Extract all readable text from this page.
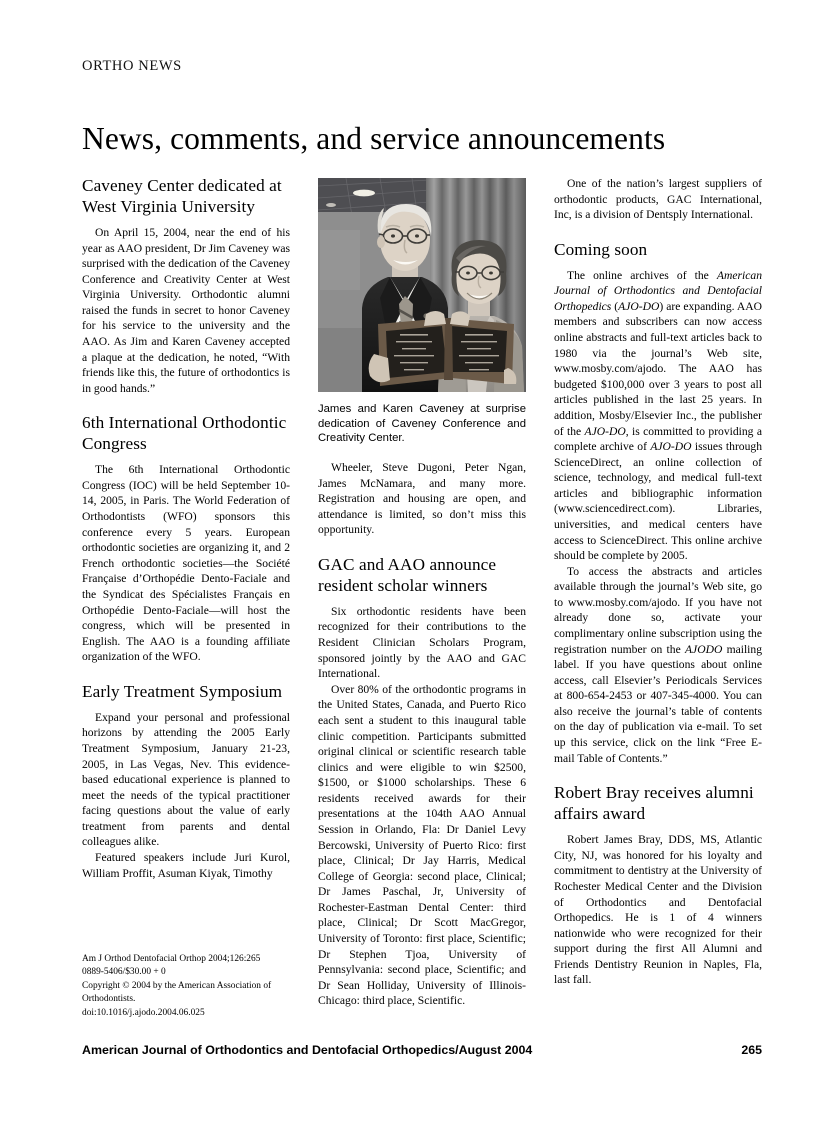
ORTHO NEWS
News, comments, and service announcements
Caveney Center dedicated at West Virginia University

On April 15, 2004, near the end of his year as AAO president, Dr Jim Caveney was surprised with the dedication of the Caveney Conference and Creativity Center at West Virginia University. Orthodontic alumni raised the funds in secret to honor Caveney for his service to the university and the AAO. As Jim and Karen Caveney accepted a plaque at the dedication, he noted, “With friends like this, the future of orthodontics is in good hands.”

6th International Orthodontic Congress

The 6th International Orthodontic Congress (IOC) will be held September 10-14, 2005, in Paris. The World Federation of Orthodontists (WFO) sponsors this conference every 5 years. European orthodontic societies are organizing it, and 2 French orthodontic societies—the Société Française d’Orthopédie Dento-Faciale and the Syndicat des Spécialistes Français en Orthopédie Dento-Faciale—will host the congress, which will be presented in English. The AAO is a founding affiliate organization of the WFO.

Early Treatment Symposium

Expand your personal and professional horizons by attending the 2005 Early Treatment Symposium, January 21-23, 2005, in Las Vegas, Nev. This evidence-based educational experience is planned to meet the needs of the typical practitioner facing questions about the value of early treatment from parents and dental colleagues alike.

Featured speakers include Juri Kurol, William Proffit, Asuman Kiyak, Timothy

Am J Orthod Dentofacial Orthop 2004;126:265
0889-5406/$30.00 + 0
Copyright © 2004 by the American Association of Orthodontists.
doi:10.1016/j.ajodo.2004.06.025

James and Karen Caveney at surprise dedication of Caveney Conference and Creativity Center.

Wheeler, Steve Dugoni, Peter Ngan, James McNamara, and many more. Registration and housing are open, and attendance is limited, so don’t miss this opportunity.

GAC and AAO announce resident scholar winners

Six orthodontic residents have been recognized for their contributions to the Resident Clinician Scholars Program, sponsored jointly by the AAO and GAC International.

Over 80% of the orthodontic programs in the United States, Canada, and Puerto Rico each sent a student to this inaugural table clinic competition. Participants submitted original clinical or scientific research table clinics and were eligible to win $2500, $1500, or $1000 scholarships. These 6 residents received awards for their presentations at the 104th AAO Annual Session in Orlando, Fla: Dr Daniel Levy Bercowski, University of Puerto Rico: first place, Clinical; Dr Jay Harris, Medical College of Georgia: second place, Clinical; Dr James Paschal, Jr, University of Rochester-Eastman Dental Center: third place, Clinical; Dr Scott MacGregor, University of Toronto: first place, Scientific; Dr Stephen Tjoa, University of Pennsylvania: second place, Scientific; and Dr Sean Holliday, University of Illinois-Chicago: third place, Scientific.

One of the nation’s largest suppliers of orthodontic products, GAC International, Inc, is a division of Dentsply International.

Coming soon

The online archives of the American Journal of Orthodontics and Dentofacial Orthopedics (AJO-DO) are expanding. AAO members and subscribers can now access online abstracts and full-text articles back to 1980 via the journal’s Web site, www.mosby.com/ajodo. The AAO has budgeted $100,000 over 3 years to post all articles published in the last 25 years. In addition, Mosby/Elsevier Inc., the publisher of the AJO-DO, is committed to providing a complete archive of AJO-DO issues through ScienceDirect, an online collection of science, technology, and medical full-text articles and bibliographic information (www.sciencedirect.com). Libraries, universities, and medical centers have access to ScienceDirect. This online archive should be complete by 2005.

To access the abstracts and articles available through the journal’s Web site, go to www.mosby.com/ajodo. If you have not already done so, activate your complimentary online subscription using the registration number on the AJODO mailing label. If you have questions about online access, call Elsevier’s Periodicals Services at 800-654-2453 or 407-345-4000. You can also receive the journal’s table of contents on the day of publication via e-mail. To set up this service, click on the link “Free E-mail Table of Contents.”

Robert Bray receives alumni affairs award

Robert James Bray, DDS, MS, Atlantic City, NJ, was honored for his loyalty and commitment to dentistry at the University of Rochester Medical Center and the Division of Orthodontics and Dentofacial Orthopedics. He is 1 of 4 winners nationwide who were recognized for their support during the first All Alumni and Friends Dentistry Reunion in Naples, Fla, last fall.

American Journal of Orthodontics and Dentofacial Orthopedics/August 2004	265
